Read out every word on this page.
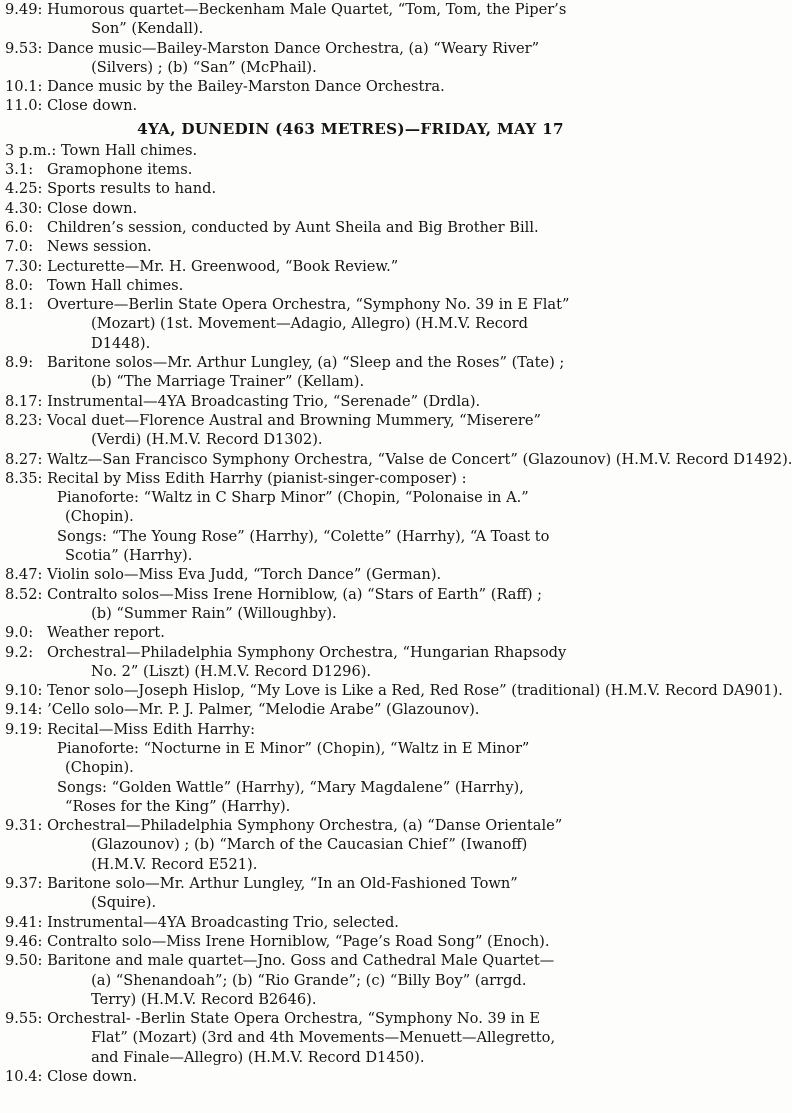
9.49: Humorous quartet—Beckenham Male Quartet, “Tom, Tom, the Piper’s
Son” (Kendall).
9.53: Dance music—Bailey-Marston Dance Orchestra, (a) “Weary River”
(Silvers) ; (b) “San” (McPhail).
10.1: Dance music by the Bailey-Marston Dance Orchestra.
11.0: Close down.
4YA, DUNEDIN (463 METRES)—FRIDAY, MAY 17
3 p.m.: Town Hall chimes.
3.1: Gramophone items.
4.25: Sports results to hand.
4.30: Close down.
6.0: Children’s session, conducted by Aunt Sheila and Big Brother Bill.
7.0: News session.
7.30: Lecturette—Mr. H. Greenwood, “Book Review.”
8.0: Town Hall chimes.
8.1: Overture—Berlin State Opera Orchestra, “Symphony No. 39 in E Flat”
(Mozart) (1st. Movement—Adagio, Allegro) (H.M.V. Record
D1448).
8.9: Baritone solos—Mr. Arthur Lungley, (a) “Sleep and the Roses” (Tate) ;
(b) “The Marriage Trainer” (Kellam).
8.17: Instrumental—4YA Broadcasting Trio, “Serenade” (Drdla).
8.23: Vocal duet—Florence Austral and Browning Mummery, “Miserere”
(Verdi) (H.M.V. Record D1302).
8.27: Waltz—San Francisco Symphony Orchestra, “Valse de Concert” (Glazounov) (H.M.V. Record D1492).
8.35: Recital by Miss Edith Harrhy (pianist-singer-composer) :
Pianoforte: “Waltz in C Sharp Minor” (Chopin, “Polonaise in A.”
(Chopin).
Songs: “The Young Rose” (Harrhy), “Colette” (Harrhy), “A Toast to
Scotia” (Harrhy).
8.47: Violin solo—Miss Eva Judd, “Torch Dance” (German).
8.52: Contralto solos—Miss Irene Horniblow, (a) “Stars of Earth” (Raff) ;
(b) “Summer Rain” (Willoughby).
9.0: Weather report.
9.2: Orchestral—Philadelphia Symphony Orchestra, “Hungarian Rhapsody
No. 2” (Liszt) (H.M.V. Record D1296).
9.10: Tenor solo—Joseph Hislop, “My Love is Like a Red, Red Rose” (traditional) (H.M.V. Record DA901).
9.14: ’Cello solo—Mr. P. J. Palmer, “Melodie Arabe” (Glazounov).
9.19: Recital—Miss Edith Harrhy:
Pianoforte: “Nocturne in E Minor” (Chopin), “Waltz in E Minor”
(Chopin).
Songs: “Golden Wattle” (Harrhy), “Mary Magdalene” (Harrhy),
“Roses for the King” (Harrhy).
9.31: Orchestral—Philadelphia Symphony Orchestra, (a) “Danse Orientale”
(Glazounov) ; (b) “March of the Caucasian Chief” (Iwanoff)
(H.M.V. Record E521).
9.37: Baritone solo—Mr. Arthur Lungley, “In an Old-Fashioned Town”
(Squire).
9.41: Instrumental—4YA Broadcasting Trio, selected.
9.46: Contralto solo—Miss Irene Horniblow, “Page’s Road Song” (Enoch).
9.50: Baritone and male quartet—Jno. Goss and Cathedral Male Quartet—
(a) “Shenandoah”; (b) “Rio Grande”; (c) “Billy Boy” (arrgd.
Terry) (H.M.V. Record B2646).
9.55: Orchestral- -Berlin State Opera Orchestra, “Symphony No. 39 in E
Flat” (Mozart) (3rd and 4th Movements—Menuett—Allegretto,
and Finale—Allegro) (H.M.V. Record D1450).
10.4: Close down.
